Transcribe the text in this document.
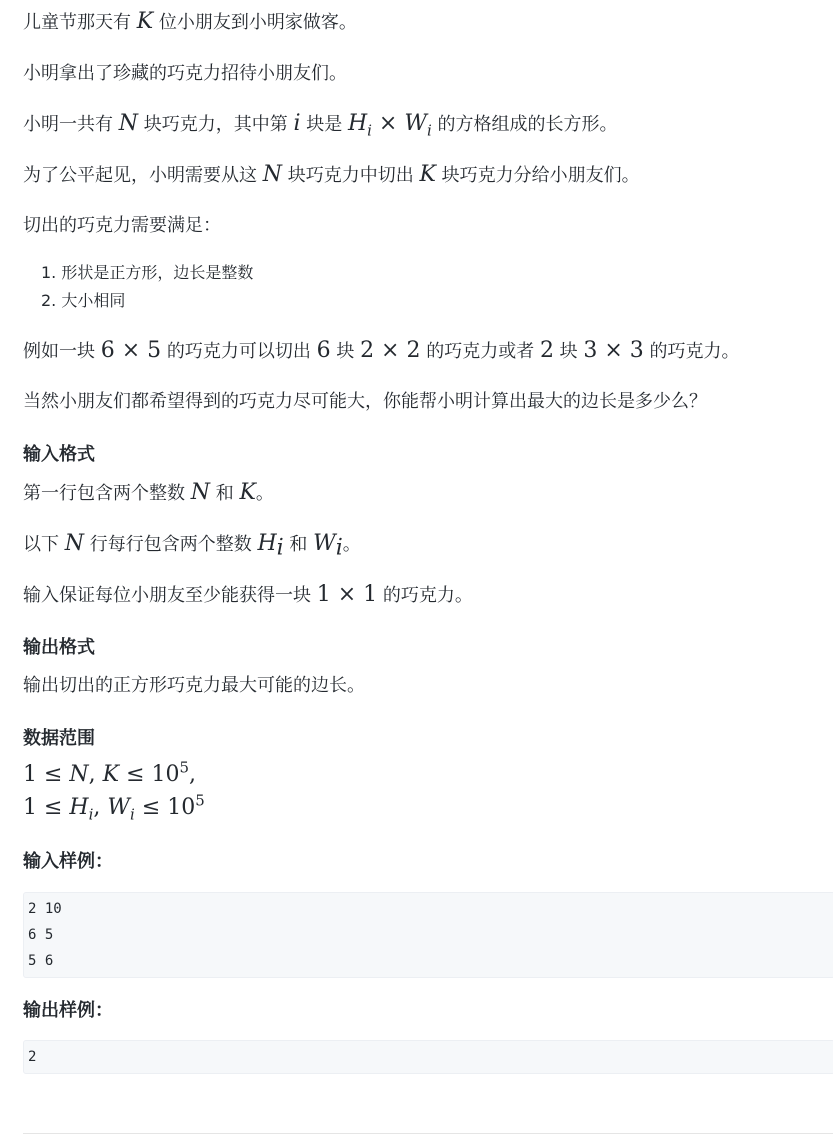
儿童节那天有 K 位小朋友到小明家做客。
小明拿出了珍藏的巧克力招待小朋友们。
小明一共有 N 块巧克力，其中第 i 块是 $H_i \times W_i$ 的方格组成的长方形。
为了公平起见，小明需要从这 N 块巧克力中切出 K 块巧克力分给小朋友们。
切出的巧克力需要满足：
1. 形状是正方形，边长是整数
2. 大小相同
例如一块 6 × 5 的巧克力可以切出 6 块 2 × 2 的巧克力或者 2 块 3 × 3 的巧克力。
当然小朋友们都希望得到的巧克力尽可能大，你能帮小明计算出最大的边长是多少么？
输入格式
第一行包含两个整数 N 和 K。
以下 N 行每行包含两个整数 $H_i$ 和 $W_i$。
输入保证每位小朋友至少能获得一块 1 × 1 的巧克力。
输出格式
输出切出的正方形巧克力最大可能的边长。
数据范围
1 ≤ N, $K \le 10^5$,
$1 \le H_i$, $W_i \le 10^5$
输入样例：
2 10
6 5
5 6
输出样例：
2
